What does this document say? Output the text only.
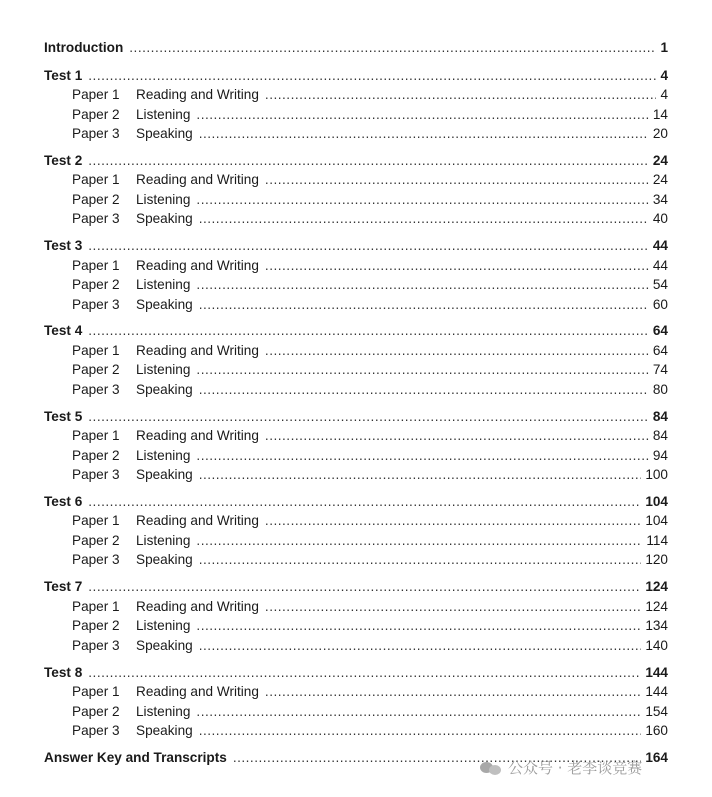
Introduction .....	1
Test 1 .....	4
Paper 1	Reading and Writing .....	4
Paper 2	Listening .....	14
Paper 3	Speaking .....	20
Test 2 .....	24
Paper 1	Reading and Writing .....	24
Paper 2	Listening .....	34
Paper 3	Speaking .....	40
Test 3 .....	44
Paper 1	Reading and Writing .....	44
Paper 2	Listening .....	54
Paper 3	Speaking .....	60
Test 4 .....	64
Paper 1	Reading and Writing .....	64
Paper 2	Listening .....	74
Paper 3	Speaking .....	80
Test 5 .....	84
Paper 1	Reading and Writing .....	84
Paper 2	Listening .....	94
Paper 3	Speaking .....	100
Test 6 .....	104
Paper 1	Reading and Writing .....	104
Paper 2	Listening .....	114
Paper 3	Speaking .....	120
Test 7 .....	124
Paper 1	Reading and Writing .....	124
Paper 2	Listening .....	134
Paper 3	Speaking .....	140
Test 8 .....	144
Paper 1	Reading and Writing .....	144
Paper 2	Listening .....	154
Paper 3	Speaking .....	160
Answer Key and Transcripts .....	164
公众号 · 老李谈竞赛
